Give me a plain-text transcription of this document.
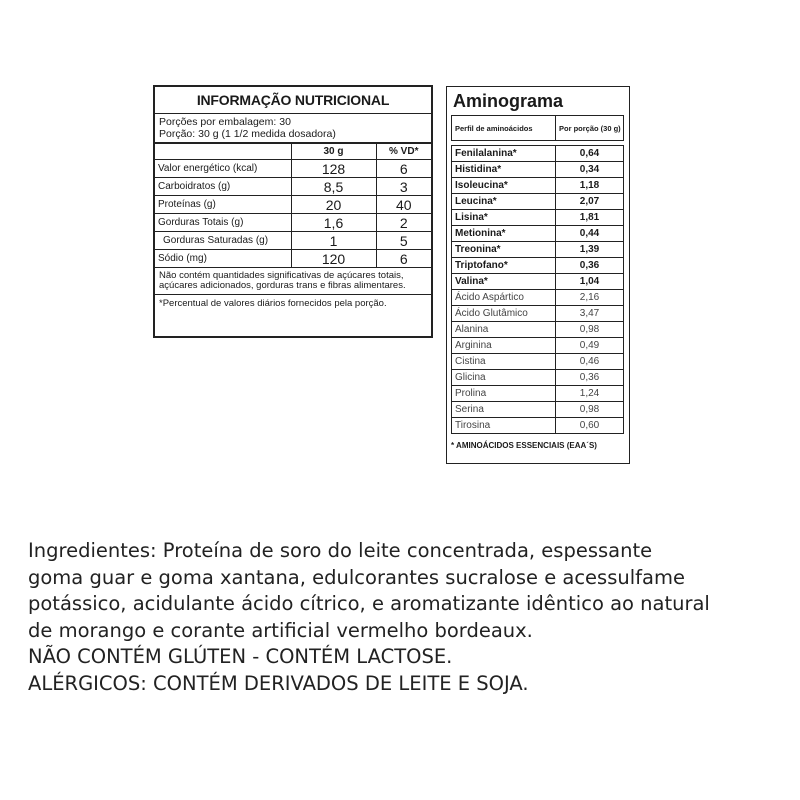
INFORMAÇÃO NUTRICIONAL
Porções por embalagem: 30
Porção: 30 g (1 1/2 medida dosadora)
	30 g	% VD*
Valor energético (kcal)	128	6
Carboidratos (g)	8,5	3
Proteínas (g)	20	40
Gorduras Totais (g)	1,6	2
Gorduras Saturadas (g)	1	5
Sódio (mg)	120	6
Não contém quantidades significativas de açúcares totais, açúcares adicionados, gorduras trans e fibras alimentares.
*Percentual de valores diários fornecidos pela porção.
Aminograma
Perfil de aminoácidos	Por porção (30 g)

Fenilalanina*	0,64
Histidina*	0,34
Isoleucina*	1,18
Leucina*	2,07
Lisina*	1,81
Metionina*	0,44
Treonina*	1,39
Triptofano*	0,36
Valina*	1,04
Ácido Aspártico	2,16
Ácido Glutâmico	3,47
Alanina	0,98
Arginina	0,49
Cistina	0,46
Glicina	0,36
Prolina	1,24
Serina	0,98
Tirosina	0,60
* AMINOÁCIDOS ESSENCIAIS (EAA´S)

Ingredientes: Proteína de soro do leite concentrada, espessante

goma guar e goma xantana, edulcorantes sucralose e acessulfame

potássico, acidulante ácido cítrico, e aromatizante idêntico ao natural

de morango e corante artificial vermelho bordeaux.

NÃO CONTÉM GLÚTEN - CONTÉM LACTOSE.

ALÉRGICOS: CONTÉM DERIVADOS DE LEITE E SOJA.
